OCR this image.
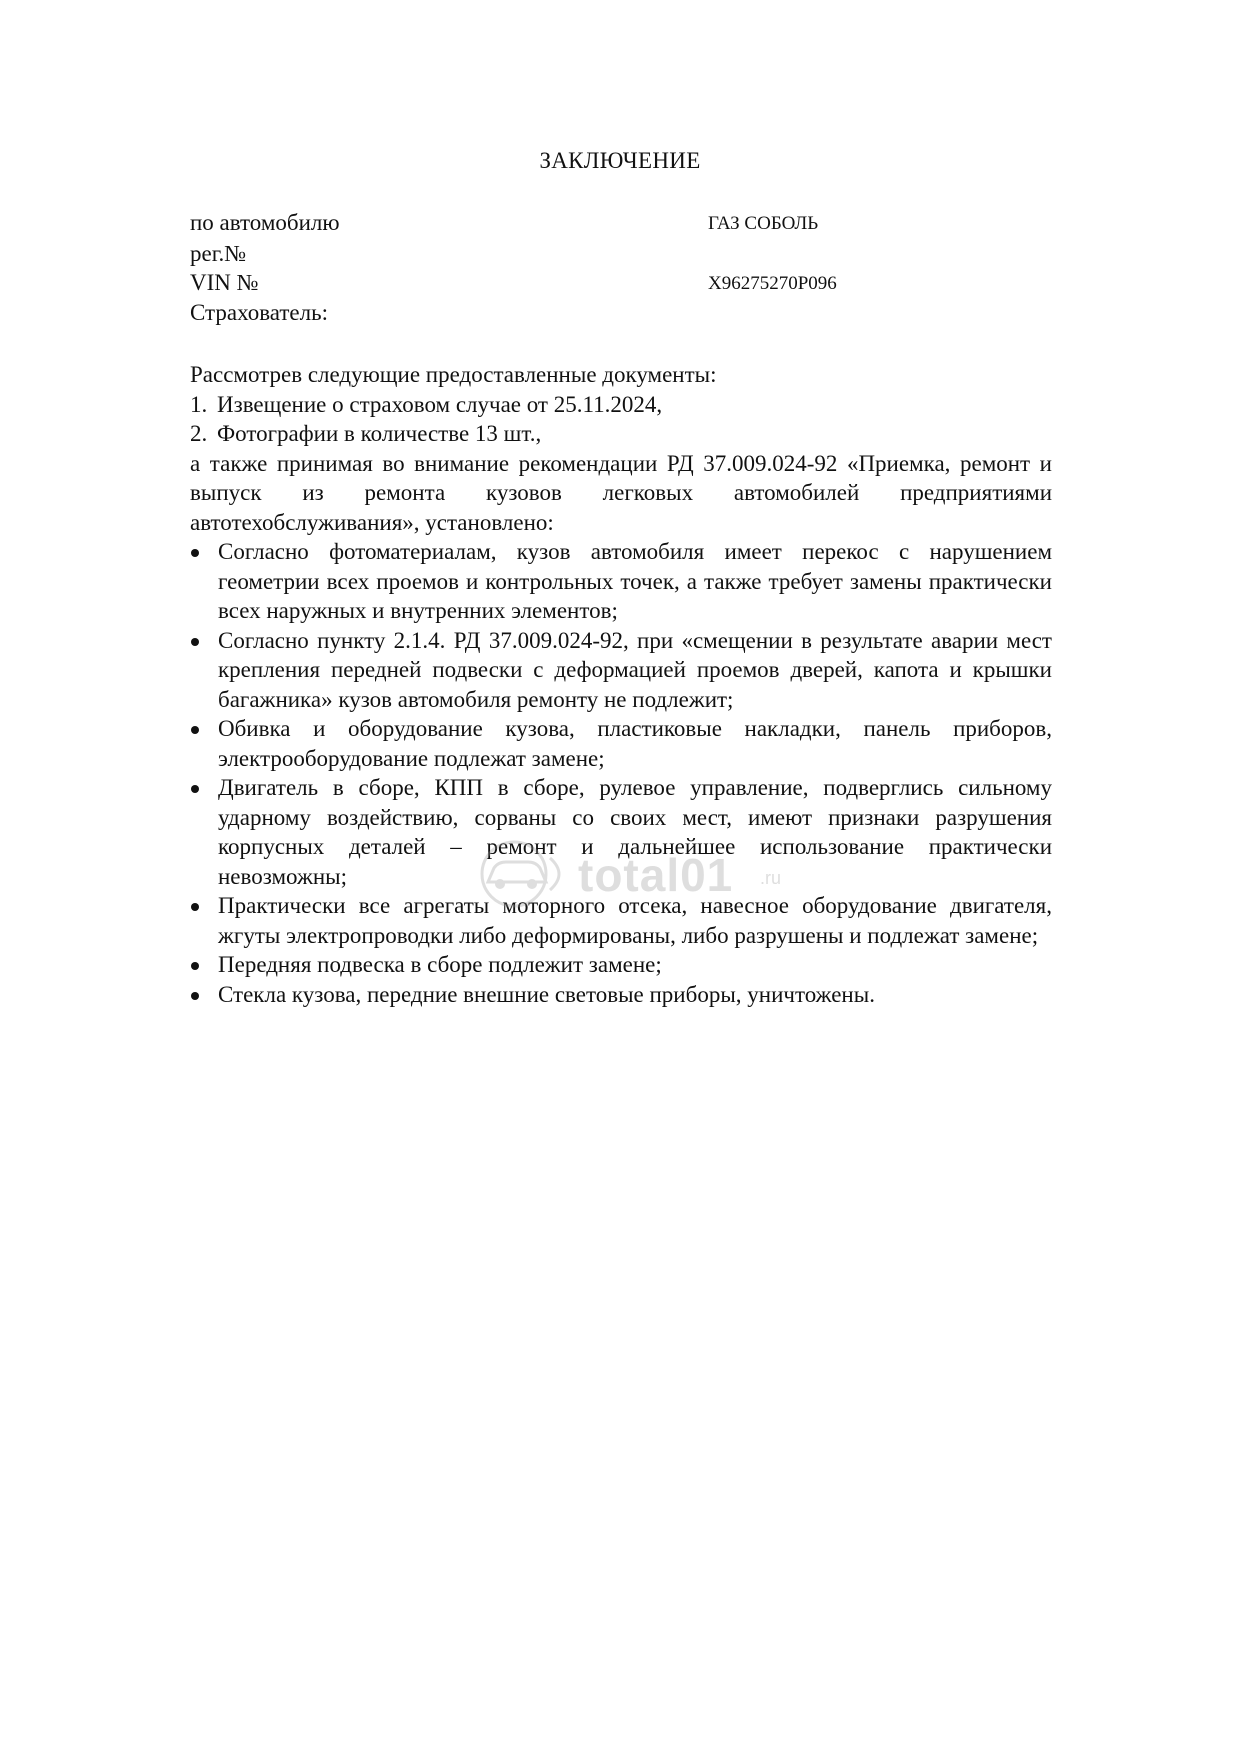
ЗАКЛЮЧЕНИЕ
по автомобилю	ГАЗ СОБОЛЬ
рег.№
VIN №	X96275270P096
Страхователь:

Рассмотрев следующие предоставленные документы:

1. Извещение о страховом случае от 25.11.2024,
2. Фотографии в количестве 13 шт.,

а также принимая во внимание рекомендации РД 37.009.024-92 «Приемка, ремонт и выпуск из ремонта кузовов легковых автомобилей предприятиями автотехобслуживания», установлено:

Согласно фотоматериалам, кузов автомобиля имеет перекос с нарушением геометрии всех проемов и контрольных точек, а также требует замены практически всех наружных и внутренних элементов;
Согласно пункту 2.1.4. РД 37.009.024-92, при «смещении в результате аварии мест крепления передней подвески с деформацией проемов дверей, капота и крышки багажника» кузов автомобиля ремонту не подлежит;
Обивка и оборудование кузова, пластиковые накладки, панель приборов, электрооборудование подлежат замене;
Двигатель в сборе, КПП в сборе, рулевое управление, подверглись сильному ударному воздействию, сорваны со своих мест, имеют признаки разрушения корпусных деталей – ремонт и дальнейшее использование практически невозможны;
Практически все агрегаты моторного отсека, навесное оборудование двигателя, жгуты электропроводки либо деформированы, либо разрушены и подлежат замене;
Передняя подвеска в сборе подлежит замене;
Стекла кузова, передние внешние световые приборы, уничтожены.
total01 .ru
